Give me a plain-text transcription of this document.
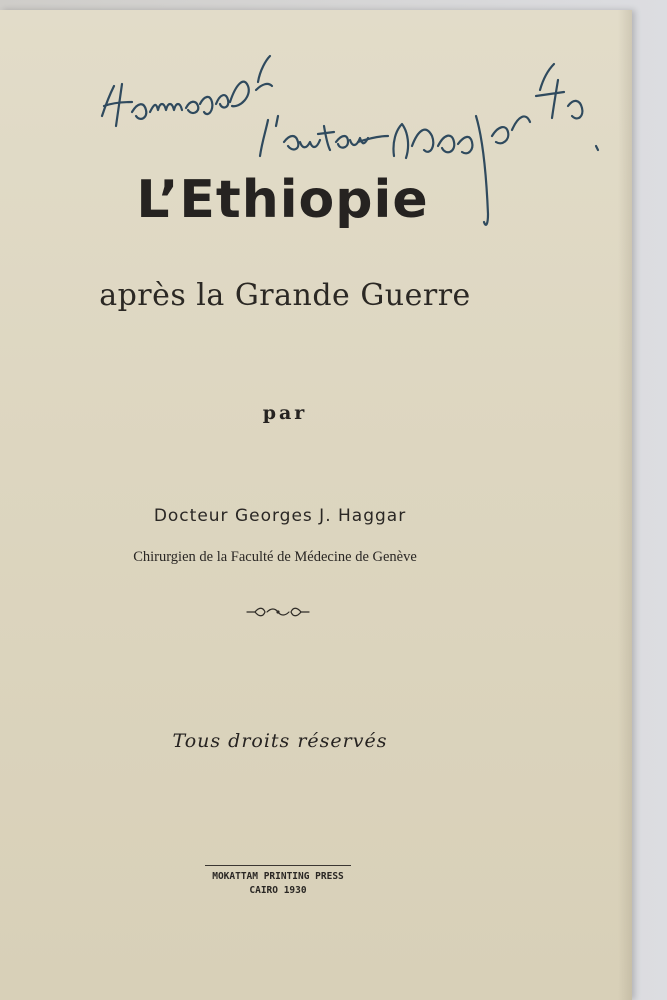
L’Ethiopie
après la Grande Guerre
par
Docteur Georges J. Haggar
Chirurgien de la Faculté de Médecine de Genève
Tous droits réservés
MOKATTAM PRINTING PRESS
CAIRO 1930
